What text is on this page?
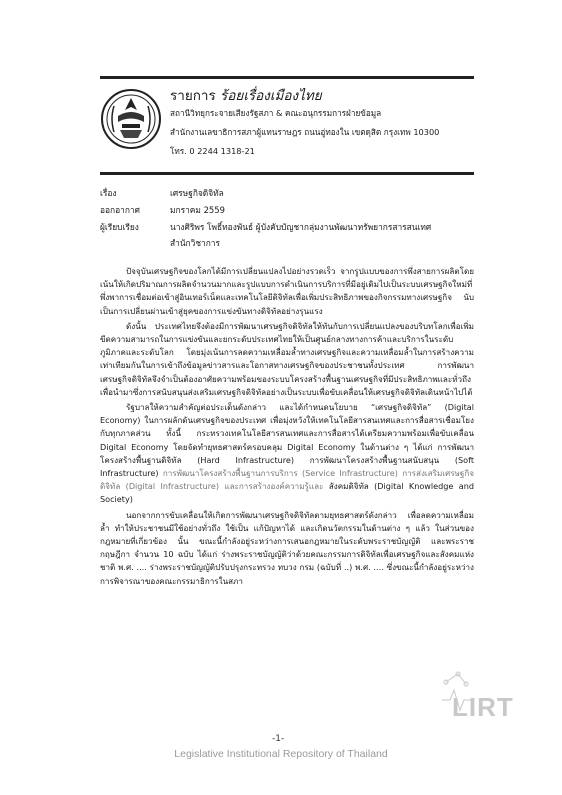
รายการ ร้อยเรื่องเมืองไทย
สถานีวิทยุกระจายเสียงรัฐสภา & คณะอนุกรรมการฝ่ายข้อมูล
สำนักงานเลขาธิการสภาผู้แทนราษฎร ถนนอู่ทองใน เขตดุสิต กรุงเทพ 10300
โทร. 0 2244 1318-21
เรื่อง	เศรษฐกิจดิจิทัล
ออกอากาศ	มกราคม 2559
ผู้เรียบเรียง	นางศิริพร โพธิ์ทองพันธ์ ผู้บังคับบัญชากลุ่มงานพัฒนาทรัพยากรสารสนเทศ
สำนักวิชาการ

ปัจจุบันเศรษฐกิจของโลกได้มีการเปลี่ยนแปลงไปอย่างรวดเร็ว จากรูปแบบของการพึ่งสายการผลิตโดยเน้นให้เกิดปริมาณการผลิตจำนวนมากและรูปแบบการดำเนินการบริการที่มีอยู่เดิมไปเป็นระบบเศรษฐกิจใหม่ที่พึ่งพาการเชื่อมต่อเข้าสู่อินเทอร์เน็ตและเทคโนโลยีดิจิทัลเพื่อเพิ่มประสิทธิภาพของกิจกรรมทางเศรษฐกิจ นับเป็นการเปลี่ยนผ่านเข้าสู่ยุคของการแข่งขันทางดิจิทัลอย่างรุนแรง

ดังนั้น ประเทศไทยจึงต้องมีการพัฒนาเศรษฐกิจดิจิทัลให้ทันกับการเปลี่ยนแปลงของบริบทโลกเพื่อเพิ่มขีดความสามารถในการแข่งขันและยกระดับประเทศไทยให้เป็นศูนย์กลางทางการค้าและบริการในระดับภูมิภาคและระดับโลก โดยมุ่งเน้นการลดความเหลื่อมล้ำทางเศรษฐกิจและความเหลื่อมล้ำในการสร้างความเท่าเทียมกันในการเข้าถึงข้อมูลข่าวสารและโอกาสทางเศรษฐกิจของประชาชนทั้งประเทศ การพัฒนาเศรษฐกิจดิจิทัลจึงจำเป็นต้องอาศัยความพร้อมของระบบโครงสร้างพื้นฐานเศรษฐกิจที่มีประสิทธิภาพและทั่วถึง เพื่อนำมาซึ่งการสนับสนุนส่งเสริมเศรษฐกิจดิจิทัลอย่างเป็นระบบเพื่อขับเคลื่อนให้เศรษฐกิจดิจิทัลเดินหน้าไปได้

รัฐบาลให้ความสำคัญต่อประเด็นดังกล่าว และได้กำหนดนโยบาย “เศรษฐกิจดิจิทัล” (Digital Economy) ในการผลักดันเศรษฐกิจของประเทศ เพื่อมุ่งหวังให้เทคโนโลยีสารสนเทศและการสื่อสารเชื่อมโยงกับทุกภาคส่วน ทั้งนี้ กระทรวงเทคโนโลยีสารสนเทศและการสื่อสารได้เตรียมความพร้อมเพื่อขับเคลื่อน Digital Economy โดยจัดทำยุทธศาสตร์ครอบคลุม Digital Economy ในด้านต่าง ๆ ได้แก่ การพัฒนาโครงสร้างพื้นฐานดิจิทัล (Hard Infrastructure) การพัฒนาโครงสร้างพื้นฐานสนับสนุน (Soft Infrastructure) การพัฒนาโครงสร้างพื้นฐานการบริการ (Service Infrastructure) การส่งเสริมเศรษฐกิจดิจิทัล (Digital Infrastructure) และการสร้างองค์ความรู้และ สังคมดิจิทัล (Digital Knowledge and Society)

นอกจากการขับเคลื่อนให้เกิดการพัฒนาเศรษฐกิจดิจิทัลตามยุทธศาสตร์ดังกล่าว เพื่อลดความเหลื่อมล้ำ ทำให้ประชาชนมีใช้อย่างทั่วถึง ใช้เป็น แก้ปัญหาได้ และเกิดนวัตกรรมในด้านต่าง ๆ แล้ว ในส่วนของกฎหมายที่เกี่ยวข้อง นั้น ขณะนี้กำลังอยู่ระหว่างการเสนอกฎหมายในระดับพระราชบัญญัติ และพระราชกฤษฎีกา จำนวน 10 ฉบับ ได้แก่ ร่างพระราชบัญญัติว่าด้วยคณะกรรมการดิจิทัลเพื่อเศรษฐกิจและสังคมแห่งชาติ พ.ศ. .... ร่างพระราชบัญญัติปรับปรุงกระทรวง ทบวง กรม (ฉบับที่ ..) พ.ศ. .... ซึ่งขณะนี้กำลังอยู่ระหว่างการพิจารณาของคณะกรรมาธิการในสภา

LIRT
-1-
Legislative Institutional Repository of Thailand
